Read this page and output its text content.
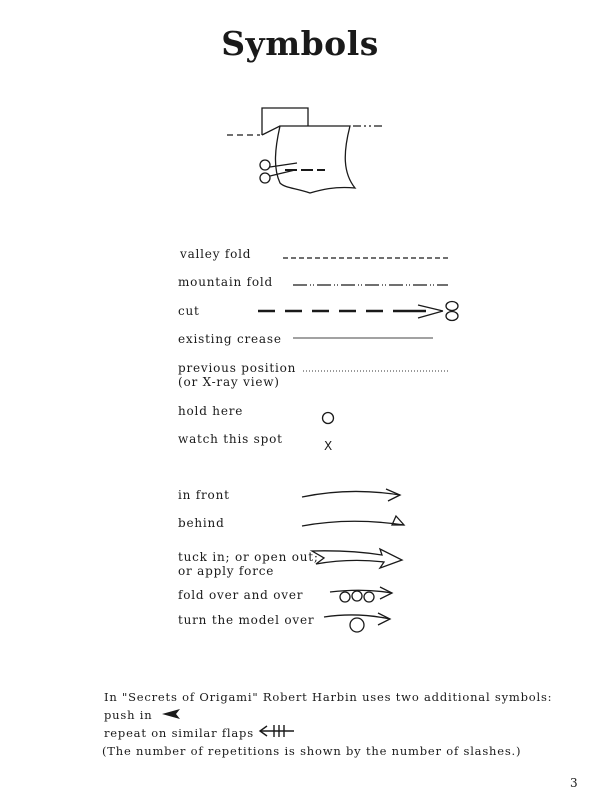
Symbols
valley fold
mountain fold
cut
existing crease
previous position
(or X-ray view)
hold here
watch this spot	X
in front
behind
tuck in; or open out;
or apply force
fold over and over
turn the model over
In "Secrets of Origami" Robert Harbin uses two additional symbols:
push in
repeat on similar flaps
(The number of repetitions is shown by the number of slashes.)
3
